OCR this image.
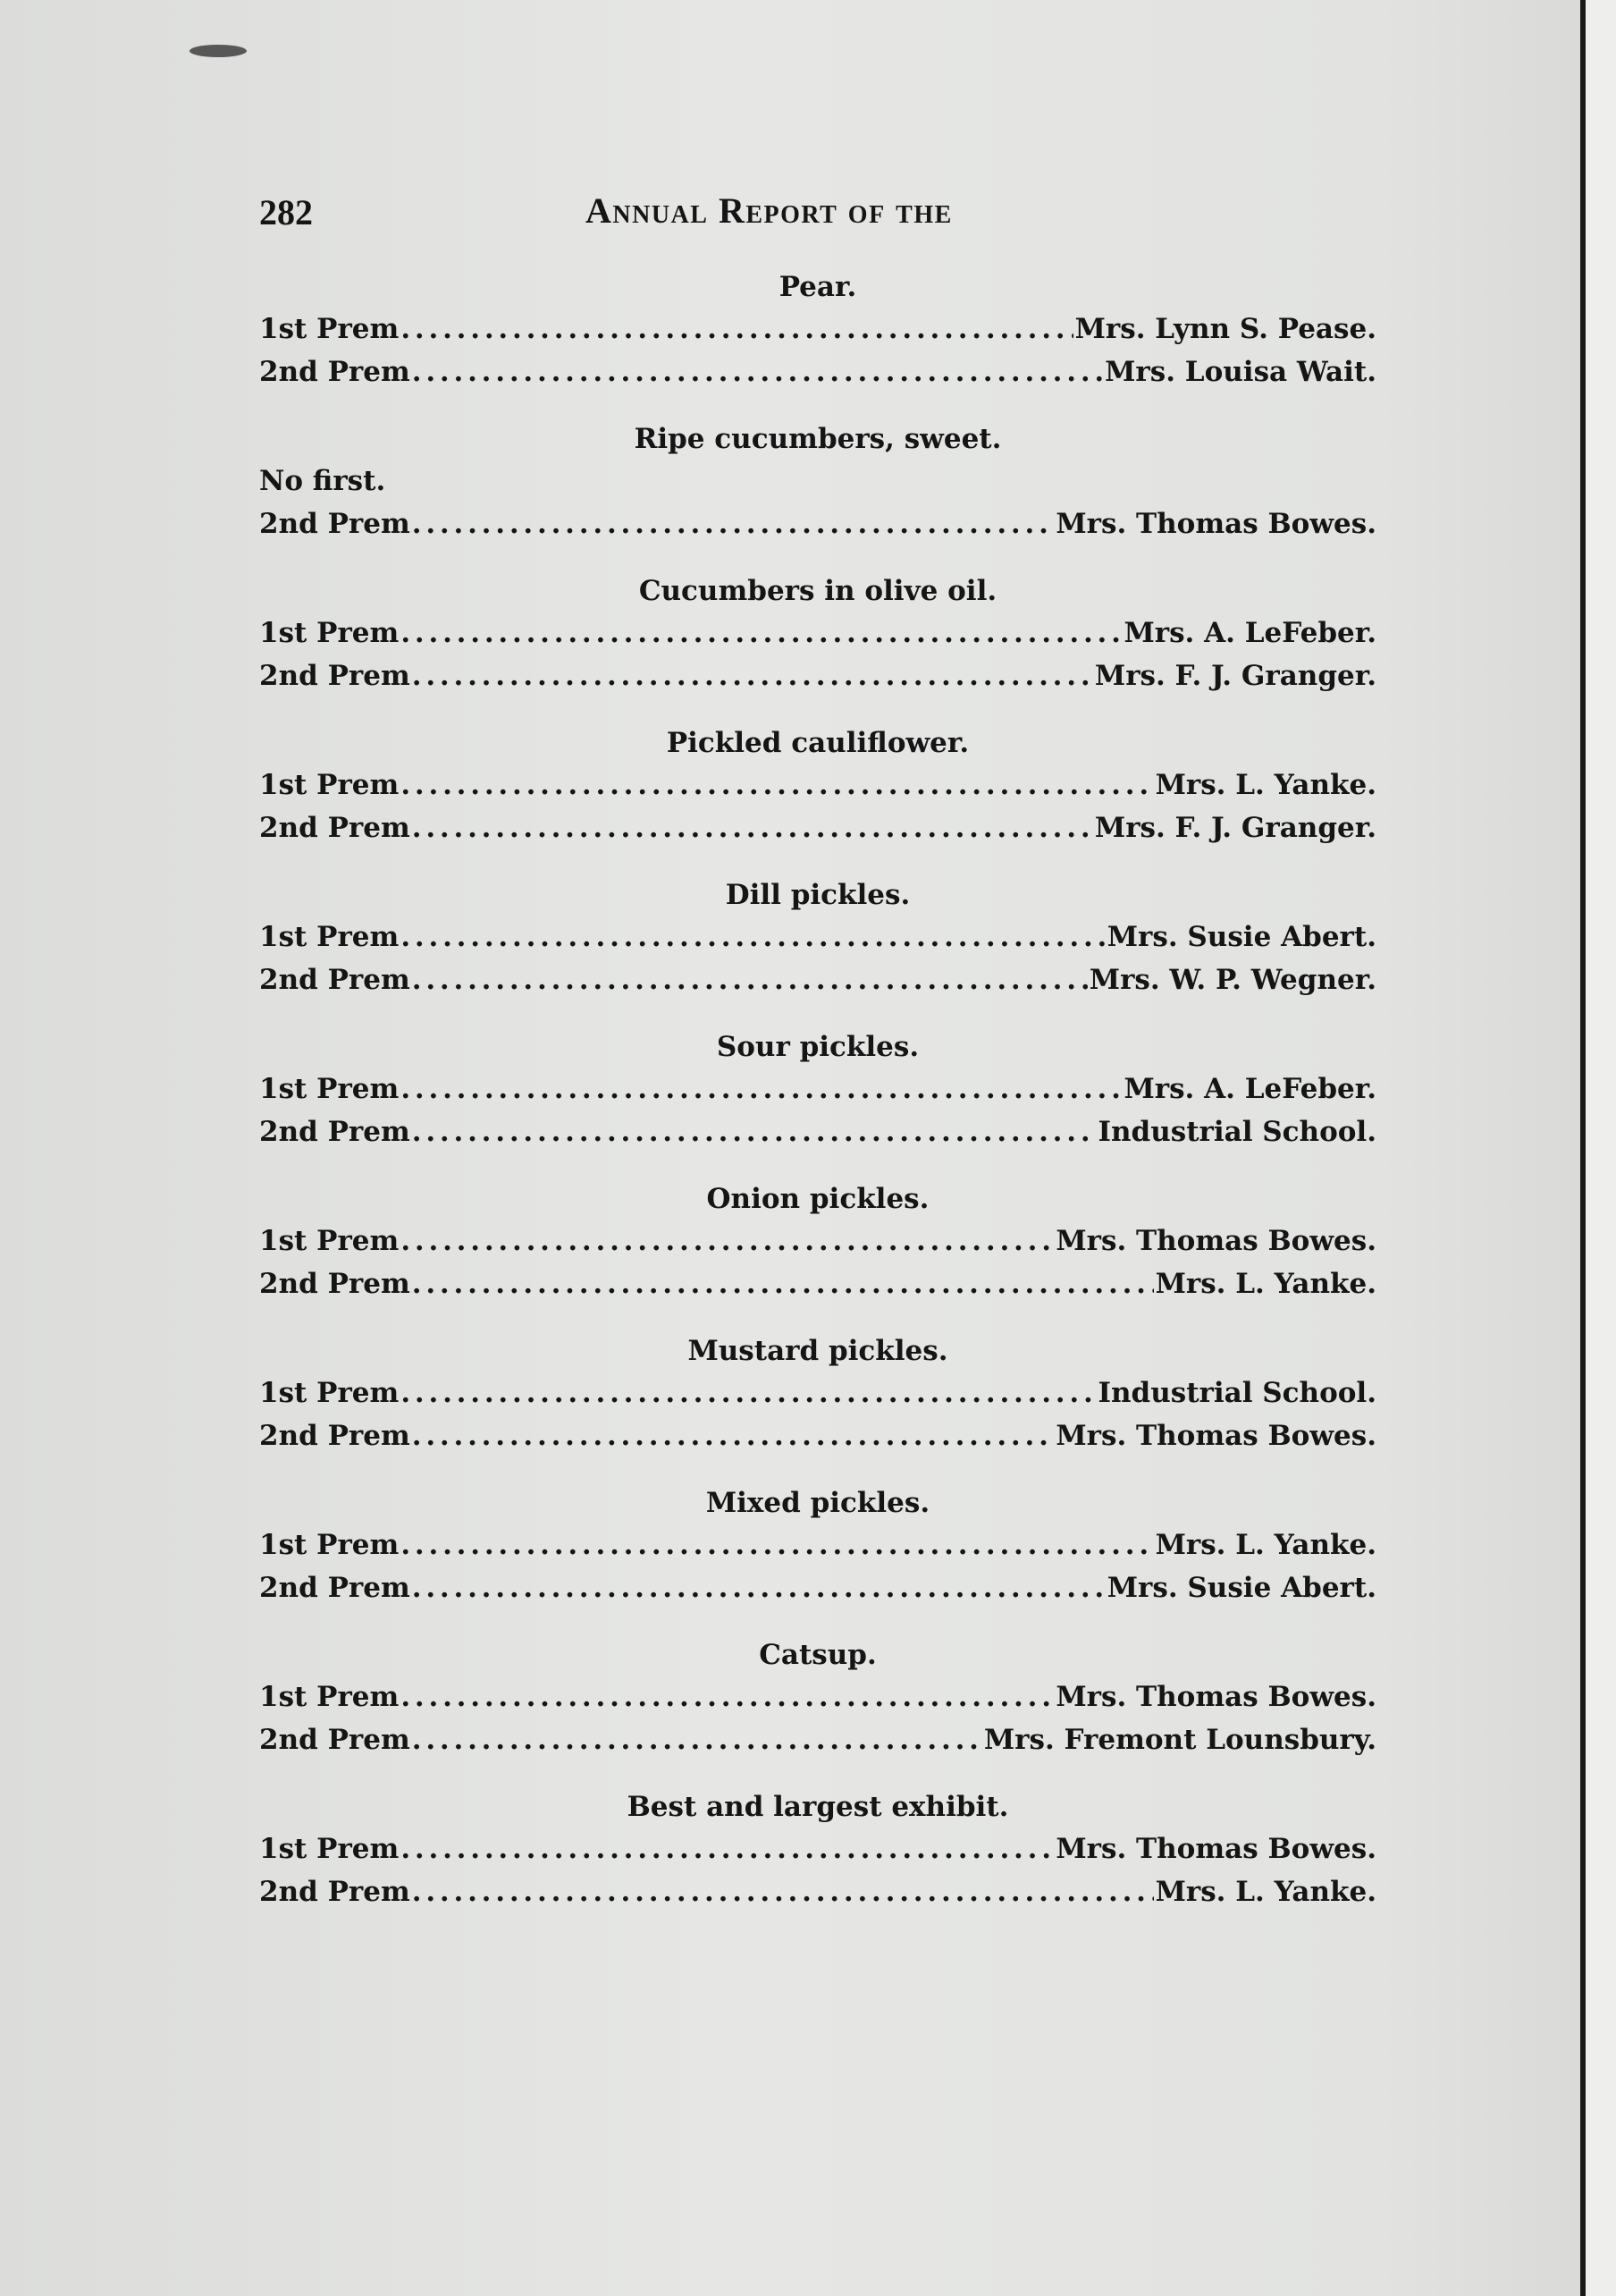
282	Annual Report of the
Pear.
1st Prem . . .	Mrs. Lynn S. Pease.
2nd Prem . . .	Mrs. Louisa Wait.
Ripe cucumbers, sweet.
No first.
2nd Prem . . .	Mrs. Thomas Bowes.
Cucumbers in olive oil.
1st Prem . . .	Mrs. A. LeFeber.
2nd Prem . . .	Mrs. F. J. Granger.
Pickled cauliflower.
1st Prem . . .	Mrs. L. Yanke.
2nd Prem . . .	Mrs. F. J. Granger.
Dill pickles.
1st Prem . . .	Mrs. Susie Abert.
2nd Prem . . .	Mrs. W. P. Wegner.
Sour pickles.
1st Prem . . .	Mrs. A. LeFeber.
2nd Prem . . .	Industrial School.
Onion pickles.
1st Prem . . .	Mrs. Thomas Bowes.
2nd Prem . . .	Mrs. L. Yanke.
Mustard pickles.
1st Prem . . .	Industrial School.
2nd Prem . . .	Mrs. Thomas Bowes.
Mixed pickles.
1st Prem . . .	Mrs. L. Yanke.
2nd Prem . . .	Mrs. Susie Abert.
Catsup.
1st Prem . . .	Mrs. Thomas Bowes.
2nd Prem . . .	Mrs. Fremont Lounsbury.
Best and largest exhibit.
1st Prem . . .	Mrs. Thomas Bowes.
2nd Prem . . .	Mrs. L. Yanke.
